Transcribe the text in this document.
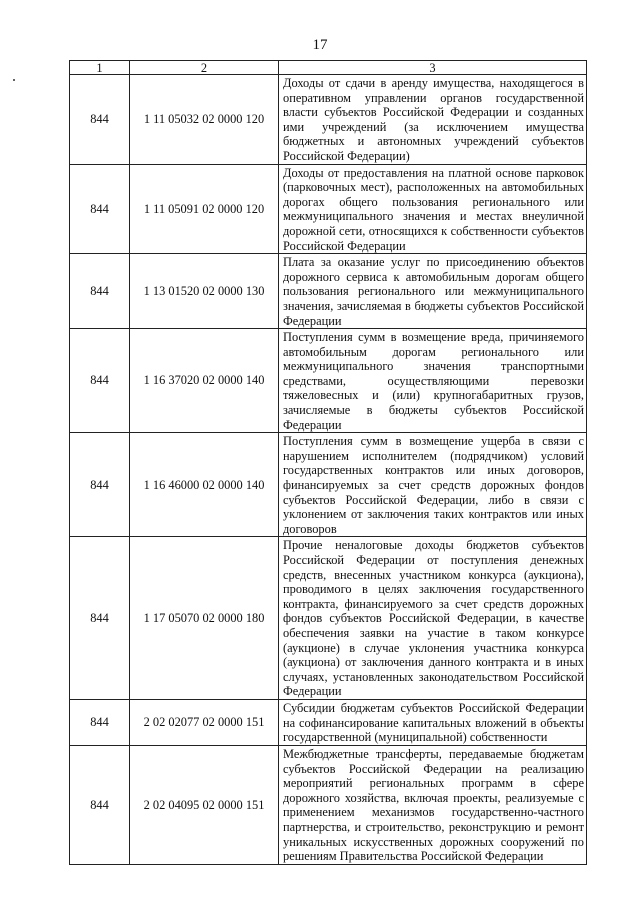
17
1	2	3
844	1 11 05032 02 0000 120	Доходы от сдачи в аренду имущества, находящегося в оперативном управлении органов государственной власти субъектов Российской Федерации и созданных ими учреждений (за исключением имущества бюджетных и автономных учреждений субъектов Российской Федерации)
844	1 11 05091 02 0000 120	Доходы от предоставления на платной основе парковок (парковочных мест), расположенных на автомобильных дорогах общего пользования регионального или межмуниципального значения и местах внеуличной дорожной сети, относящихся к собственности субъектов Российской Федерации
844	1 13 01520 02 0000 130	Плата за оказание услуг по присоединению объектов дорожного сервиса к автомобильным дорогам общего пользования регионального или межмуниципального значения, зачисляемая в бюджеты субъектов Российской Федерации
844	1 16 37020 02 0000 140	Поступления сумм в возмещение вреда, причиняемого автомобильным дорогам регионального или межмуниципального значения транспортными средствами, осуществляющими перевозки тяжеловесных и (или) крупногабаритных грузов, зачисляемые в бюджеты субъектов Российской Федерации
844	1 16 46000 02 0000 140	Поступления сумм в возмещение ущерба в связи с нарушением исполнителем (подрядчиком) условий государственных контрактов или иных договоров, финансируемых за счет средств дорожных фондов субъектов Российской Федерации, либо в связи с уклонением от заключения таких контрактов или иных договоров
844	1 17 05070 02 0000 180	Прочие неналоговые доходы бюджетов субъектов Российской Федерации от поступления денежных средств, внесенных участником конкурса (аукциона), проводимого в целях заключения государственного контракта, финансируемого за счет средств дорожных фондов субъектов Российской Федерации, в качестве обеспечения заявки на участие в таком конкурсе (аукционе) в случае уклонения участника конкурса (аукциона) от заключения данного контракта и в иных случаях, установленных законодательством Российской Федерации
844	2 02 02077 02 0000 151	Субсидии бюджетам субъектов Российской Федерации на софинансирование капитальных вложений в объекты государственной (муниципальной) собственности
844	2 02 04095 02 0000 151	Межбюджетные трансферты, передаваемые бюджетам субъектов Российской Федерации на реализацию мероприятий региональных программ в сфере дорожного хозяйства, включая проекты, реализуемые с применением механизмов государственно-частного партнерства, и строительство, реконструкцию и ремонт уникальных искусственных дорожных сооружений по решениям Правительства Российской Федерации
